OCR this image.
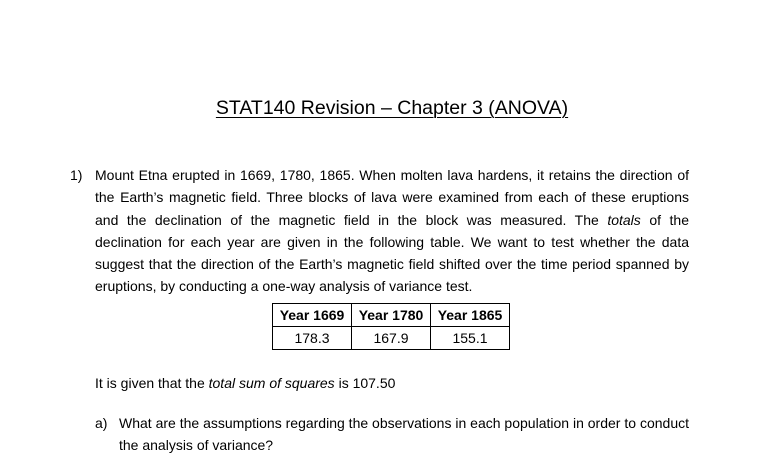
STAT140 Revision – Chapter 3 (ANOVA)
1) Mount Etna erupted in 1669, 1780, 1865. When molten lava hardens, it retains the direction of the Earth’s magnetic field. Three blocks of lava were examined from each of these eruptions and the declination of the magnetic field in the block was measured. The totals of the declination for each year are given in the following table. We want to test whether the data suggest that the direction of the Earth’s magnetic field shifted over the time period spanned by eruptions, by conducting a one-way analysis of variance test.

Year 1669	Year 1780	Year 1865
178.3	167.9	155.1
It is given that the total sum of squares is 107.50
a) What are the assumptions regarding the observations in each population in order to conduct the analysis of variance?
